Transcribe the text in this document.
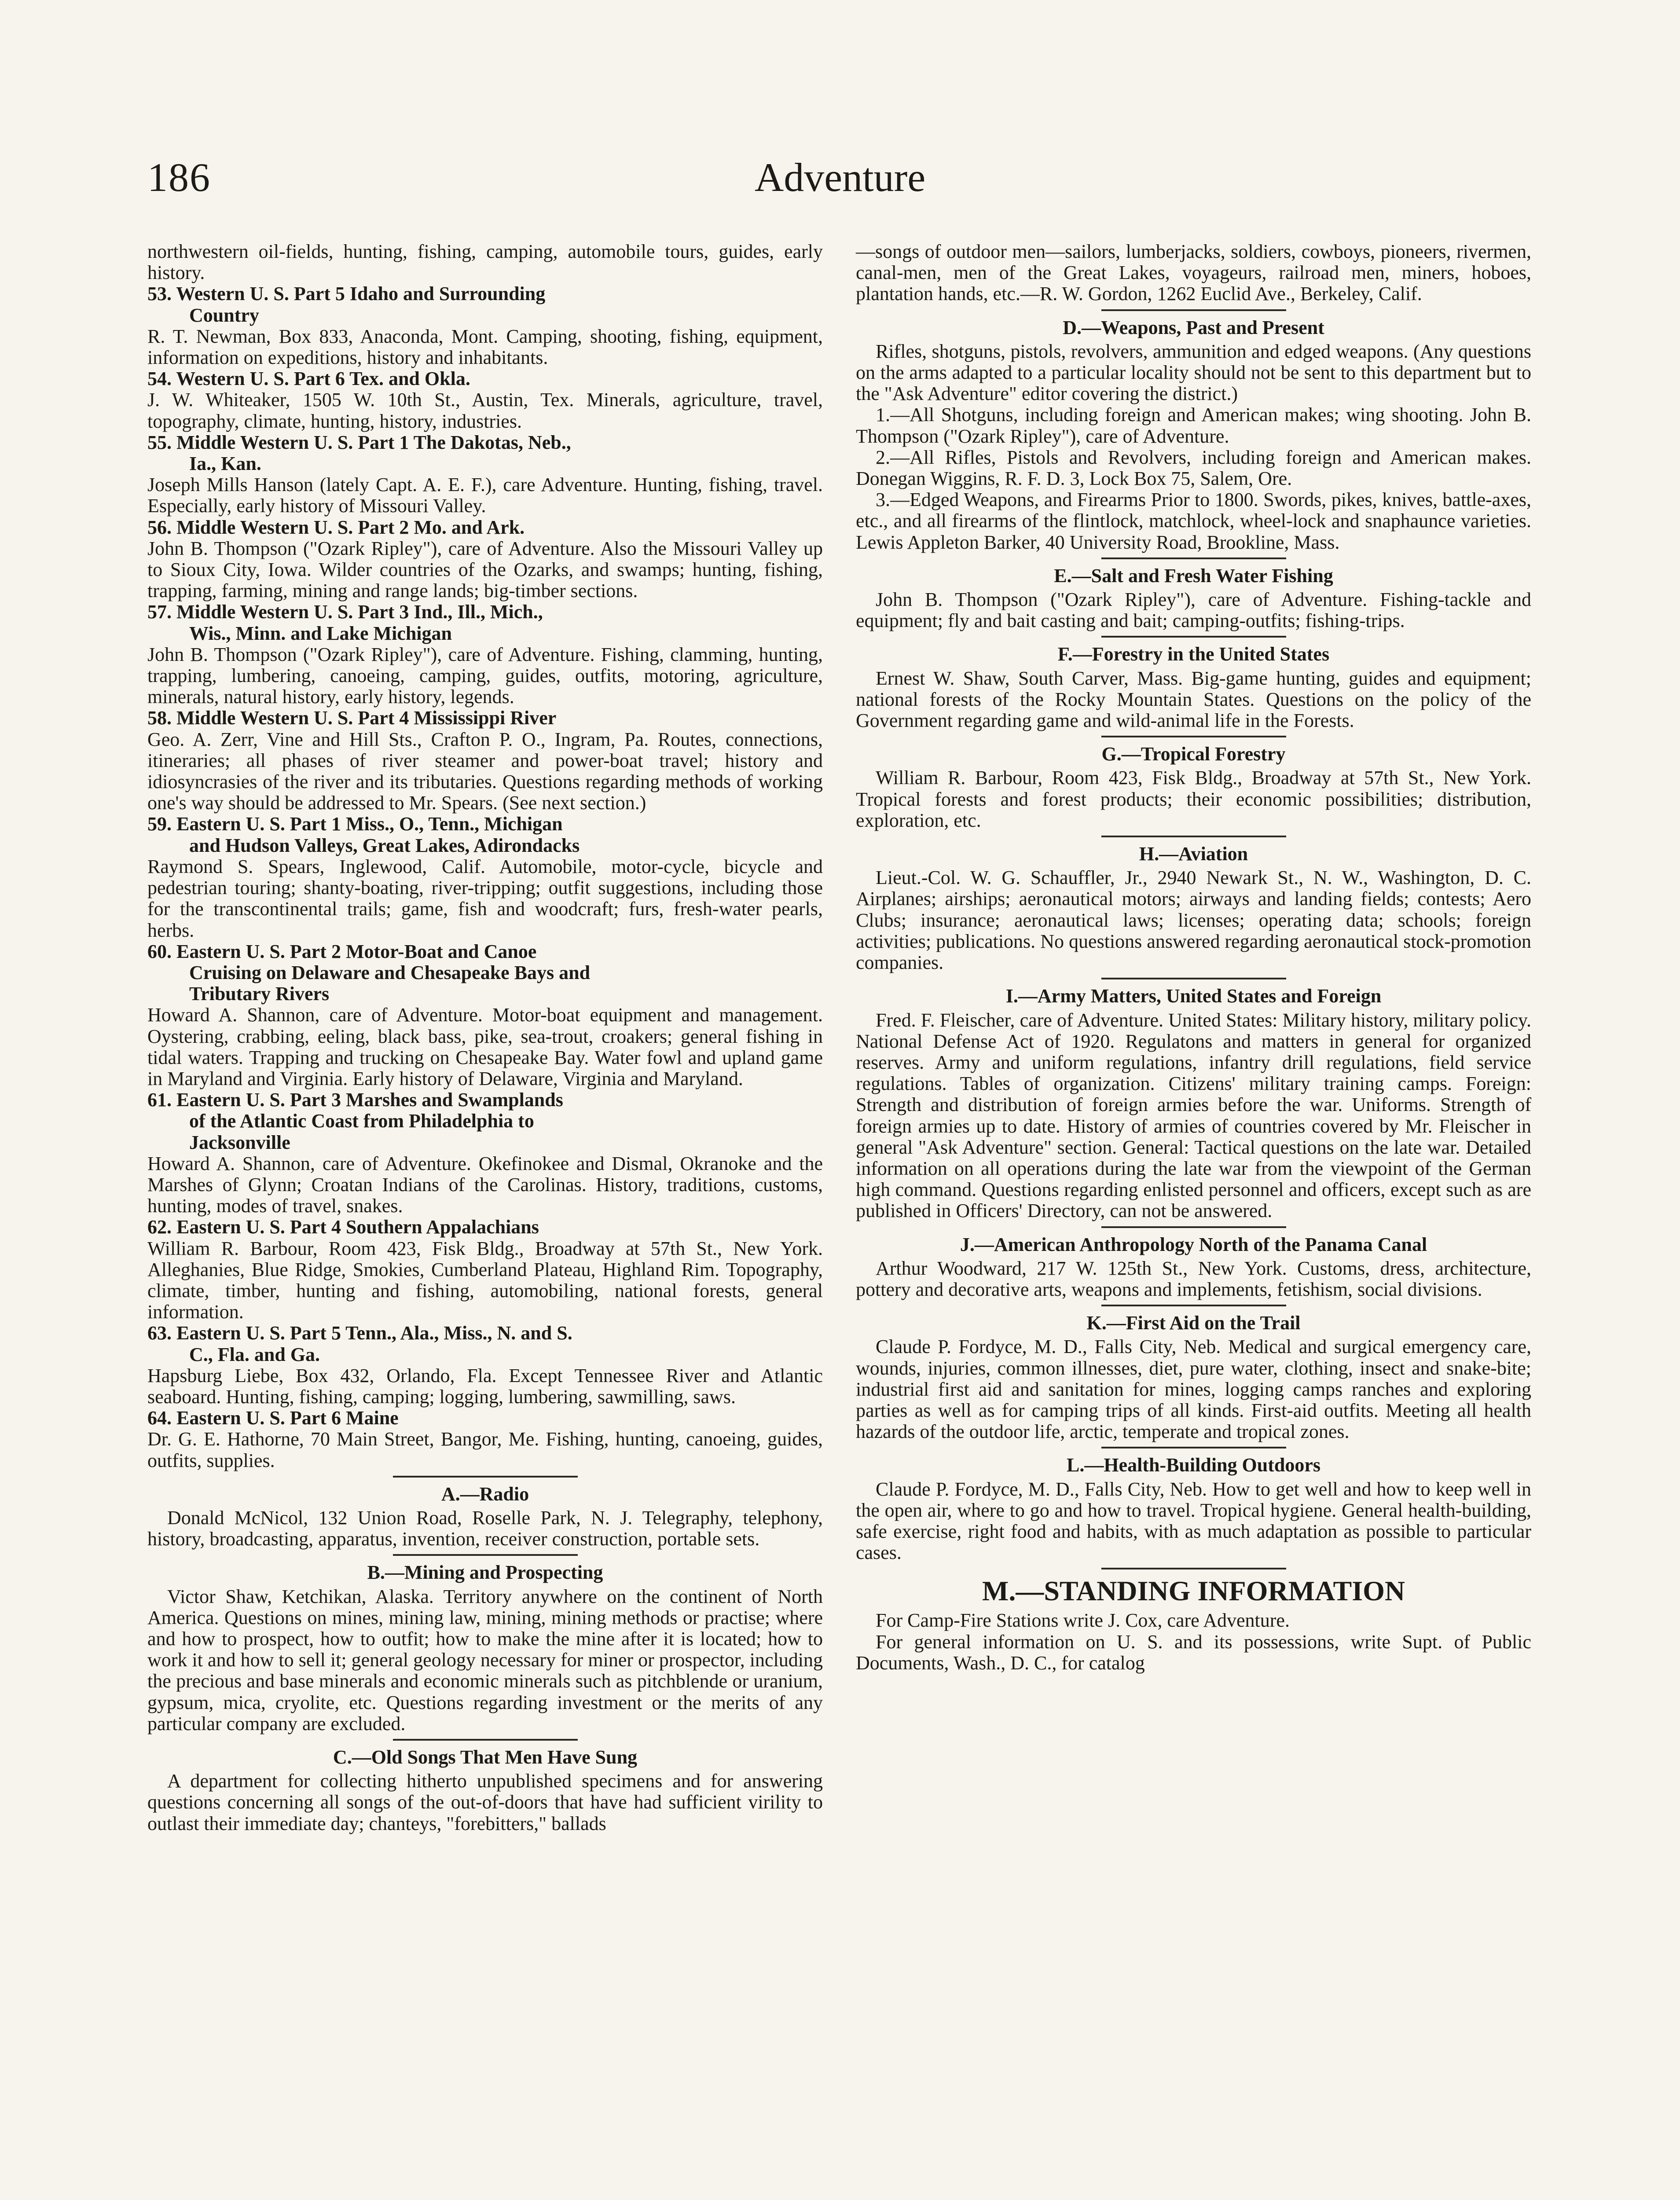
Adventure
186

northwestern oil-fields, hunting, fishing, camping, automobile tours, guides, early history.

53. Western U. S. Part 5 Idaho and Surrounding

Country

R. T. Newman, Box 833, Anaconda, Mont. Camping, shooting, fishing, equipment, information on expeditions, history and inhabitants.

54. Western U. S. Part 6 Tex. and Okla.

J. W. Whiteaker, 1505 W. 10th St., Austin, Tex. Minerals, agriculture, travel, topography, climate, hunting, history, industries.

55. Middle Western U. S. Part 1 The Dakotas, Neb.,

Ia., Kan.

Joseph Mills Hanson (lately Capt. A. E. F.), care Adventure. Hunting, fishing, travel. Especially, early history of Missouri Valley.

56. Middle Western U. S. Part 2 Mo. and Ark.

John B. Thompson ("Ozark Ripley"), care of Adventure. Also the Missouri Valley up to Sioux City, Iowa. Wilder countries of the Ozarks, and swamps; hunting, fishing, trapping, farming, mining and range lands; big-timber sections.

57. Middle Western U. S. Part 3 Ind., Ill., Mich.,

Wis., Minn. and Lake Michigan

John B. Thompson ("Ozark Ripley"), care of Adventure. Fishing, clamming, hunting, trapping, lumbering, canoeing, camping, guides, outfits, motoring, agriculture, minerals, natural history, early history, legends.

58. Middle Western U. S. Part 4 Mississippi River

Geo. A. Zerr, Vine and Hill Sts., Crafton P. O., Ingram, Pa. Routes, connections, itineraries; all phases of river steamer and power-boat travel; history and idiosyncrasies of the river and its tributaries. Questions regarding methods of working one's way should be addressed to Mr. Spears. (See next section.)

59. Eastern U. S. Part 1 Miss., O., Tenn., Michigan

and Hudson Valleys, Great Lakes, Adirondacks

Raymond S. Spears, Inglewood, Calif. Automobile, motor-cycle, bicycle and pedestrian touring; shanty-boating, river-tripping; outfit suggestions, including those for the transcontinental trails; game, fish and woodcraft; furs, fresh-water pearls, herbs.

60. Eastern U. S. Part 2 Motor-Boat and Canoe

Cruising on Delaware and Chesapeake Bays and

Tributary Rivers

Howard A. Shannon, care of Adventure. Motor-boat equipment and management. Oystering, crabbing, eeling, black bass, pike, sea-trout, croakers; general fishing in tidal waters. Trapping and trucking on Chesapeake Bay. Water fowl and upland game in Maryland and Virginia. Early history of Delaware, Virginia and Maryland.

61. Eastern U. S. Part 3 Marshes and Swamplands

of the Atlantic Coast from Philadelphia to

Jacksonville

Howard A. Shannon, care of Adventure. Okefinokee and Dismal, Okranoke and the Marshes of Glynn; Croatan Indians of the Carolinas. History, traditions, customs, hunting, modes of travel, snakes.

62. Eastern U. S. Part 4 Southern Appalachians

William R. Barbour, Room 423, Fisk Bldg., Broadway at 57th St., New York. Alleghanies, Blue Ridge, Smokies, Cumberland Plateau, Highland Rim. Topography, climate, timber, hunting and fishing, automobiling, national forests, general information.

63. Eastern U. S. Part 5 Tenn., Ala., Miss., N. and S.

C., Fla. and Ga.

Hapsburg Liebe, Box 432, Orlando, Fla. Except Tennessee River and Atlantic seaboard. Hunting, fishing, camping; logging, lumbering, sawmilling, saws.

64. Eastern U. S. Part 6 Maine

Dr. G. E. Hathorne, 70 Main Street, Bangor, Me. Fishing, hunting, canoeing, guides, outfits, supplies.

A.—Radio

Donald McNicol, 132 Union Road, Roselle Park, N. J. Telegraphy, telephony, history, broadcasting, apparatus, invention, receiver construction, portable sets.

B.—Mining and Prospecting

Victor Shaw, Ketchikan, Alaska. Territory anywhere on the continent of North America. Questions on mines, mining law, mining, mining methods or practise; where and how to prospect, how to outfit; how to make the mine after it is located; how to work it and how to sell it; general geology necessary for miner or prospector, including the precious and base minerals and economic minerals such as pitchblende or uranium, gypsum, mica, cryolite, etc. Questions regarding investment or the merits of any particular company are excluded.

C.—Old Songs That Men Have Sung

A department for collecting hitherto unpublished specimens and for answering questions concerning all songs of the out-of-doors that have had sufficient virility to outlast their immediate day; chanteys, "forebitters," ballads

—songs of outdoor men—sailors, lumberjacks, soldiers, cowboys, pioneers, rivermen, canal-men, men of the Great Lakes, voyageurs, railroad men, miners, hoboes, plantation hands, etc.—R. W. Gordon, 1262 Euclid Ave., Berkeley, Calif.

D.—Weapons, Past and Present

Rifles, shotguns, pistols, revolvers, ammunition and edged weapons. (Any questions on the arms adapted to a particular locality should not be sent to this department but to the "Ask Adventure" editor covering the district.)

1.—All Shotguns, including foreign and American makes; wing shooting. John B. Thompson ("Ozark Ripley"), care of Adventure.

2.—All Rifles, Pistols and Revolvers, including foreign and American makes. Donegan Wiggins, R. F. D. 3, Lock Box 75, Salem, Ore.

3.—Edged Weapons, and Firearms Prior to 1800. Swords, pikes, knives, battle-axes, etc., and all firearms of the flintlock, matchlock, wheel-lock and snaphaunce varieties. Lewis Appleton Barker, 40 University Road, Brookline, Mass.

E.—Salt and Fresh Water Fishing

John B. Thompson ("Ozark Ripley"), care of Adventure. Fishing-tackle and equipment; fly and bait casting and bait; camping-outfits; fishing-trips.

F.—Forestry in the United States

Ernest W. Shaw, South Carver, Mass. Big-game hunting, guides and equipment; national forests of the Rocky Mountain States. Questions on the policy of the Government regarding game and wild-animal life in the Forests.

G.—Tropical Forestry

William R. Barbour, Room 423, Fisk Bldg., Broadway at 57th St., New York. Tropical forests and forest products; their economic possibilities; distribution, exploration, etc.

H.—Aviation

Lieut.-Col. W. G. Schauffler, Jr., 2940 Newark St., N. W., Washington, D. C. Airplanes; airships; aeronautical motors; airways and landing fields; contests; Aero Clubs; insurance; aeronautical laws; licenses; operating data; schools; foreign activities; publications. No questions answered regarding aeronautical stock-promotion companies.

I.—Army Matters, United States and Foreign

Fred. F. Fleischer, care of Adventure. United States: Military history, military policy. National Defense Act of 1920. Regulatons and matters in general for organized reserves. Army and uniform regulations, infantry drill regulations, field service regulations. Tables of organization. Citizens' military training camps. Foreign: Strength and distribution of foreign armies before the war. Uniforms. Strength of foreign armies up to date. History of armies of countries covered by Mr. Fleischer in general "Ask Adventure" section. General: Tactical questions on the late war. Detailed information on all operations during the late war from the viewpoint of the German high command. Questions regarding enlisted personnel and officers, except such as are published in Officers' Directory, can not be answered.

J.—American Anthropology North of the Panama Canal

Arthur Woodward, 217 W. 125th St., New York. Customs, dress, architecture, pottery and decorative arts, weapons and implements, fetishism, social divisions.

K.—First Aid on the Trail

Claude P. Fordyce, M. D., Falls City, Neb. Medical and surgical emergency care, wounds, injuries, common illnesses, diet, pure water, clothing, insect and snake-bite; industrial first aid and sanitation for mines, logging camps ranches and exploring parties as well as for camping trips of all kinds. First-aid outfits. Meeting all health hazards of the outdoor life, arctic, temperate and tropical zones.

L.—Health-Building Outdoors

Claude P. Fordyce, M. D., Falls City, Neb. How to get well and how to keep well in the open air, where to go and how to travel. Tropical hygiene. General health-building, safe exercise, right food and habits, with as much adaptation as possible to particular cases.

M.—STANDING INFORMATION

For Camp-Fire Stations write J. Cox, care Adventure.

For general information on U. S. and its possessions, write Supt. of Public Documents, Wash., D. C., for catalog
